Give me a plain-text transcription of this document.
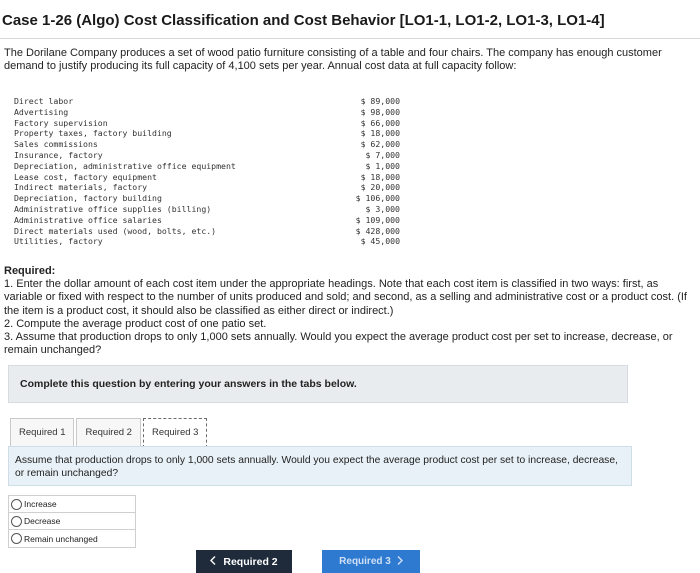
Case 1-26 (Algo) Cost Classification and Cost Behavior [LO1-1, LO1-2, LO1-3, LO1-4]
The Dorilane Company produces a set of wood patio furniture consisting of a table and four chairs. The company has enough customer demand to justify producing its full capacity of 4,100 sets per year. Annual cost data at full capacity follow:
Direct labor	$ 89,000
Advertising	$ 98,000
Factory supervision	$ 66,000
Property taxes, factory building	$ 18,000
Sales commissions	$ 62,000
Insurance, factory	$ 7,000
Depreciation, administrative office equipment	$ 1,000
Lease cost, factory equipment	$ 18,000
Indirect materials, factory	$ 20,000
Depreciation, factory building	$ 106,000
Administrative office supplies (billing)	$ 3,000
Administrative office salaries	$ 109,000
Direct materials used (wood, bolts, etc.)	$ 428,000
Utilities, factory	$ 45,000
Required:
1. Enter the dollar amount of each cost item under the appropriate headings. Note that each cost item is classified in two ways: first, as variable or fixed with respect to the number of units produced and sold; and second, as a selling and administrative cost or a product cost. (If the item is a product cost, it should also be classified as either direct or indirect.)
2. Compute the average product cost of one patio set.
3. Assume that production drops to only 1,000 sets annually. Would you expect the average product cost per set to increase, decrease, or remain unchanged?
Complete this question by entering your answers in the tabs below.
Required 1	Required 2	Required 3
Assume that production drops to only 1,000 sets annually. Would you expect the average product cost per set to increase, decrease, or remain unchanged?
Increase
Decrease
Remain unchanged
Required 2	Required 3
